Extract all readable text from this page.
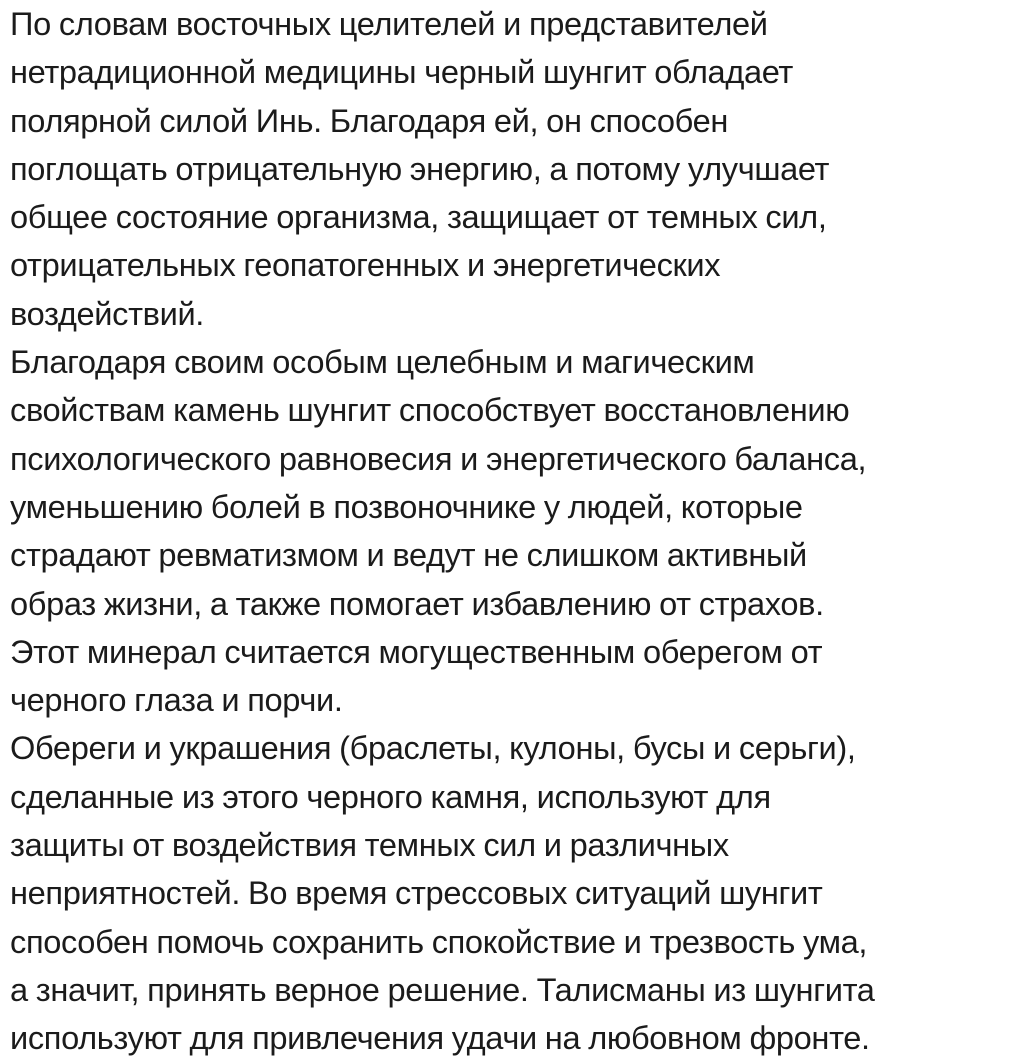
По словам восточных целителей и представителей
нетрадиционной медицины черный шунгит обладает
полярной силой Инь. Благодаря ей, он способен
поглощать отрицательную энергию, а потому улучшает
общее состояние организма, защищает от темных сил,
отрицательных геопатогенных и энергетических
воздействий.
Благодаря своим особым целебным и магическим
свойствам камень шунгит способствует восстановлению
психологического равновесия и энергетического баланса,
уменьшению болей в позвоночнике у людей, которые
страдают ревматизмом и ведут не слишком активный
образ жизни, а также помогает избавлению от страхов.
Этот минерал считается могущественным оберегом от
черного глаза и порчи.
Обереги и украшения (браслеты, кулоны, бусы и серьги),
сделанные из этого черного камня, используют для
защиты от воздействия темных сил и различных
неприятностей. Во время стрессовых ситуаций шунгит
способен помочь сохранить спокойствие и трезвость ума,
а значит, принять верное решение. Талисманы из шунгита
используют для привлечения удачи на любовном фронте.
